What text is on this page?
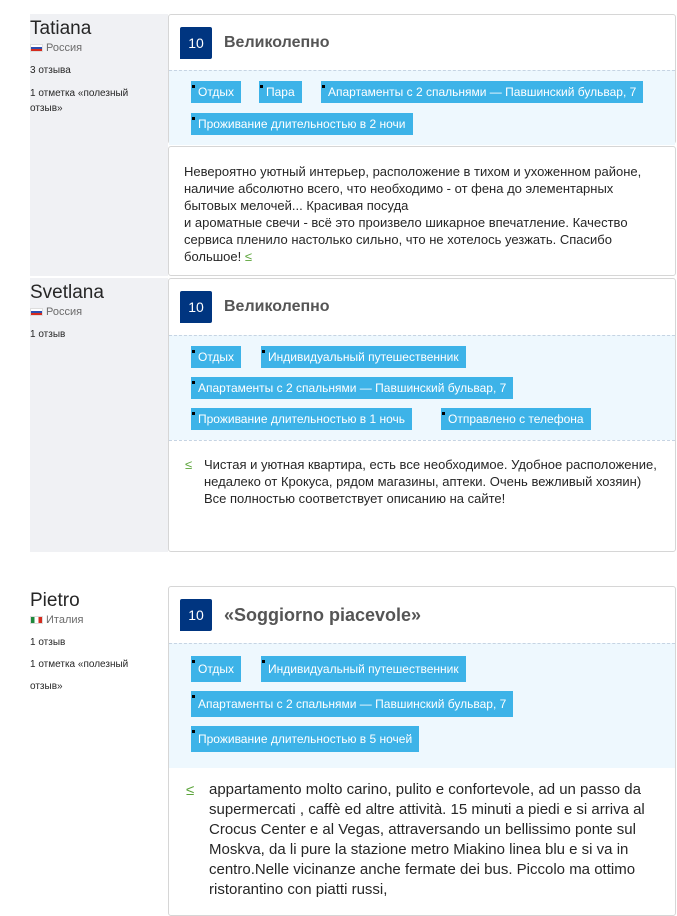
Tatiana
Россия
3 отзыва
1 отметка «полезный
отзыв»
10	Великолепно
Отдых	Пара	Апартаменты с 2 спальнями — Павшинский бульвар, 7
Проживание длительностью в 2 ночи
Невероятно уютный интерьер, расположение в тихом и ухоженном районе, наличие абсолютно всего, что необходимо - от фена до элементарных бытовых мелочей... Красивая посуда
и ароматные свечи - всё это произвело шикарное впечатление. Качество сервиса пленило настолько сильно, что не хотелось уезжать. Спасибо большое! ≤
Svetlana
Россия
1 отзыв
10	Великолепно
Отдых	Индивидуальный путешественник
Апартаменты с 2 спальнями — Павшинский бульвар, 7
Проживание длительностью в 1 ночь	Отправлено с телефона
≤ Чистая и уютная квартира, есть все необходимое. Удобное расположение, недалеко от Крокуса, рядом магазины, аптеки. Очень вежливый хозяин) Все полностью соответствует описанию на сайте!
Pietro
Италия
1 отзыв
1 отметка «полезный
отзыв»
10	«Soggiorno piacevole»
Отдых	Индивидуальный путешественник
Апартаменты с 2 спальнями — Павшинский бульвар, 7
Проживание длительностью в 5 ночей
≤ appartamento molto carino, pulito e confortevole, ad un passo da supermercati , caffè ed altre attività. 15 minuti a piedi e si arriva al Crocus Center e al Vegas, attraversando un bellissimo ponte sul Moskva, da li pure la stazione metro Miakino linea blu e si va in centro.Nelle vicinanze anche fermate dei bus. Piccolo ma ottimo ristorantino con piatti russi,
